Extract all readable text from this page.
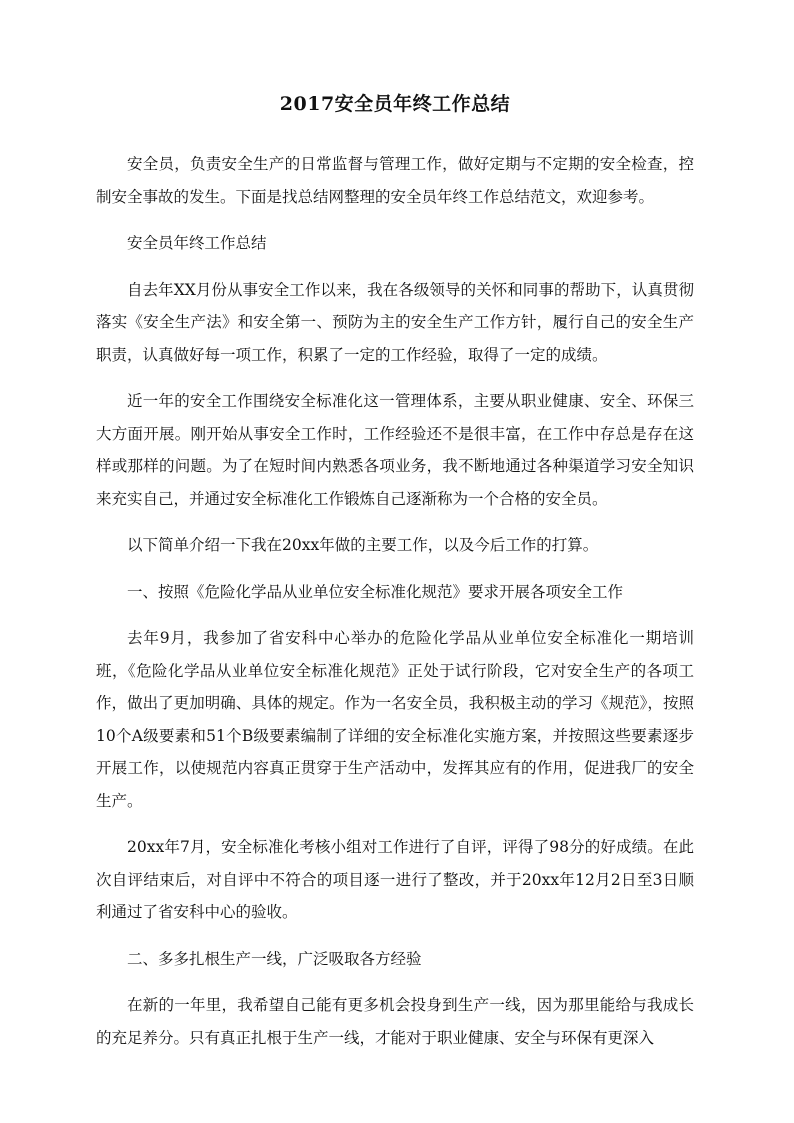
2017安全员年终工作总结

安全员，负责安全生产的日常监督与管理工作，做好定期与不定期的安全检查，控制安全事故的发生。下面是找总结网整理的安全员年终工作总结范文，欢迎参考。

安全员年终工作总结

自去年XX月份从事安全工作以来，我在各级领导的关怀和同事的帮助下，认真贯彻落实《安全生产法》和安全第一、预防为主的安全生产工作方针，履行自己的安全生产职责，认真做好每一项工作，积累了一定的工作经验，取得了一定的成绩。

近一年的安全工作围绕安全标准化这一管理体系，主要从职业健康、安全、环保三大方面开展。刚开始从事安全工作时，工作经验还不是很丰富，在工作中存总是存在这样或那样的问题。为了在短时间内熟悉各项业务，我不断地通过各种渠道学习安全知识来充实自己，并通过安全标准化工作锻炼自己逐渐称为一个合格的安全员。

以下简单介绍一下我在20xx年做的主要工作，以及今后工作的打算。

一、按照《危险化学品从业单位安全标准化规范》要求开展各项安全工作

去年9月，我参加了省安科中心举办的危险化学品从业单位安全标准化一期培训班，《危险化学品从业单位安全标准化规范》正处于试行阶段，它对安全生产的各项工作，做出了更加明确、具体的规定。作为一名安全员，我积极主动的学习《规范》，按照10个A级要素和51个B级要素编制了详细的安全标准化实施方案，并按照这些要素逐步开展工作，以使规范内容真正贯穿于生产活动中，发挥其应有的作用，促进我厂的安全生产。

20xx年7月，安全标准化考核小组对工作进行了自评，评得了98分的好成绩。在此次自评结束后，对自评中不符合的项目逐一进行了整改，并于20xx年12月2日至3日顺利通过了省安科中心的验收。

二、多多扎根生产一线，广泛吸取各方经验

在新的一年里，我希望自己能有更多机会投身到生产一线，因为那里能给与我成长的充足养分。只有真正扎根于生产一线，才能对于职业健康、安全与环保有更深入
